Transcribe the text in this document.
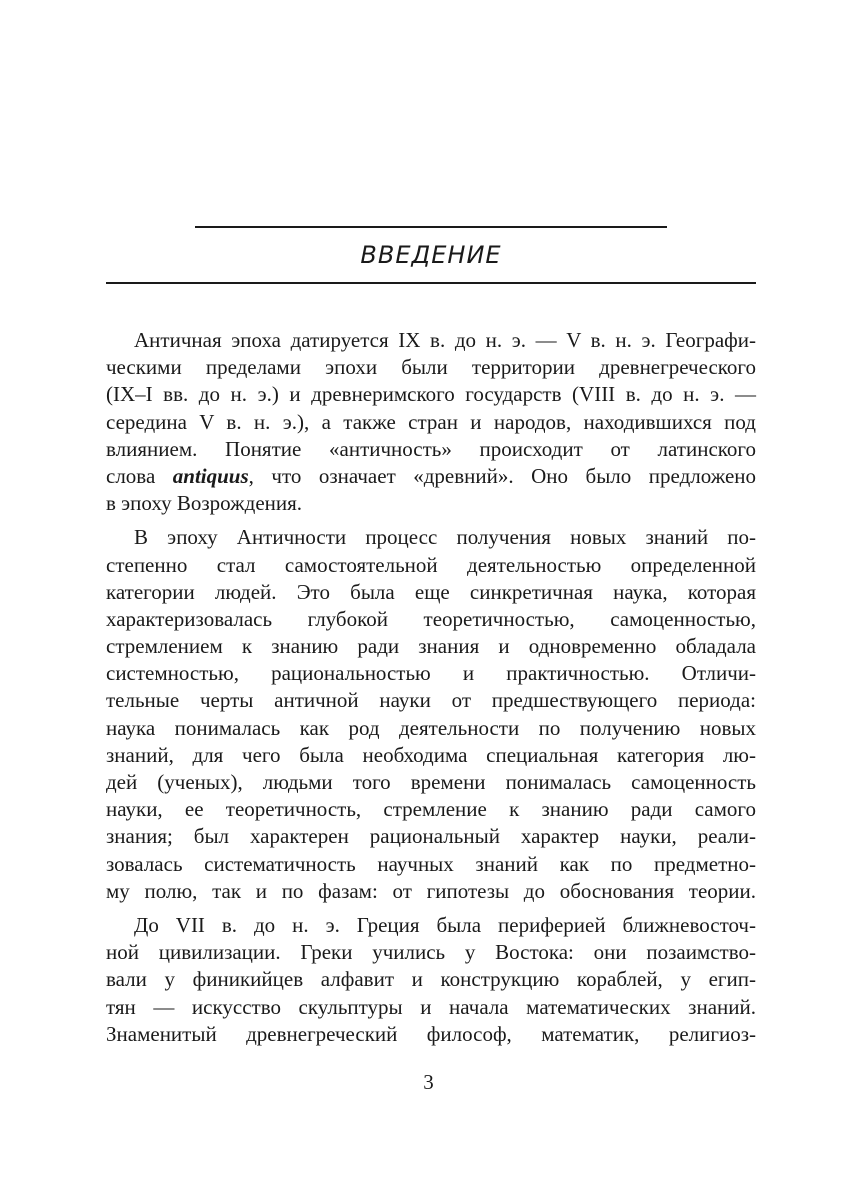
ВВЕДЕНИЕ
Античная эпоха датируется IX в. до н. э. — V в. н. э. Географи-
ческими пределами эпохи были территории древнегреческого
(IX–I вв. до н. э.) и древнеримского государств (VIII в. до н. э. —
середина V в. н. э.), а также стран и народов, находившихся под
влиянием. Понятие «античность» происходит от латинского
слова antiquus, что означает «древний». Оно было предложено
в эпоху Возрождения.
В эпоху Античности процесс получения новых знаний по-
степенно стал самостоятельной деятельностью определенной
категории людей. Это была еще синкретичная наука, которая
характеризовалась глубокой теоретичностью, самоценностью,
стремлением к знанию ради знания и одновременно обладала
системностью, рациональностью и практичностью. Отличи-
тельные черты античной науки от предшествующего периода:
наука понималась как род деятельности по получению новых
знаний, для чего была необходима специальная категория лю-
дей (ученых), людьми того времени понималась самоценность
науки, ее теоретичность, стремление к знанию ради самого
знания; был характерен рациональный характер науки, реали-
зовалась систематичность научных знаний как по предметно-
му полю, так и по фазам: от гипотезы до обоснования теории.
До VII в. до н. э. Греция была периферией ближневосточ-
ной цивилизации. Греки учились у Востока: они позаимство-
вали у финикийцев алфавит и конструкцию кораблей, у егип-
тян — искусство скульптуры и начала математических знаний.
Знаменитый древнегреческий философ, математик, религиоз-
3
